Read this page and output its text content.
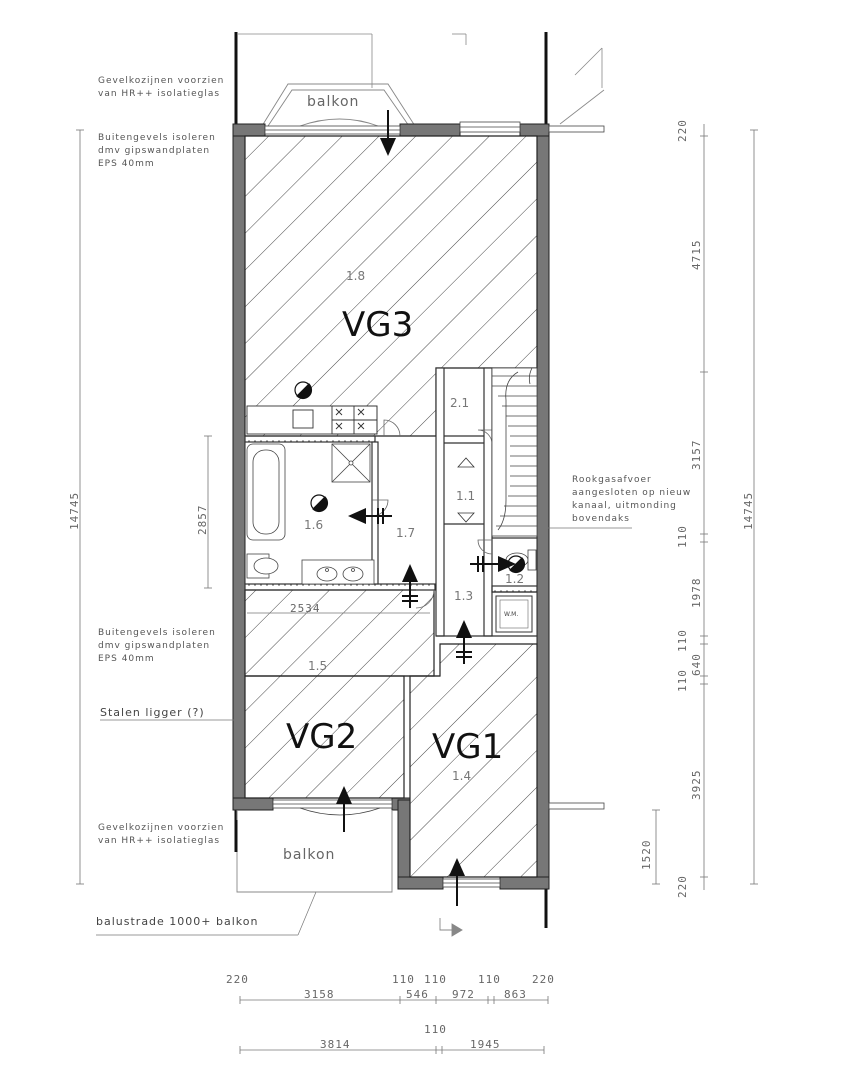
balkon
W.M.
balkon
1.8
2.1
1.1
1.6
1.7
1.2
1.3
1.5
1.4
VG3
VG2 VG1
Gevelkozijnen voorzien
van HR++ isolatieglas
Buitengevels isoleren
dmv gipswandplaten
EPS 40mm
Buitengevels isoleren
dmv gipswandplaten
EPS 40mm
Gevelkozijnen voorzien
van HR++ isolatieglas
Stalen ligger (?)
balustrade 1000+ balkon
Rookgasafvoer
aangesloten op nieuw
kanaal, uitmonding
bovendaks
14745	2857
2534
220
4715
3157
110
1978
110
110
640
3925
1520
220
14745
220	110 110	110	220
3158	546 972	863
110
3814	1945
